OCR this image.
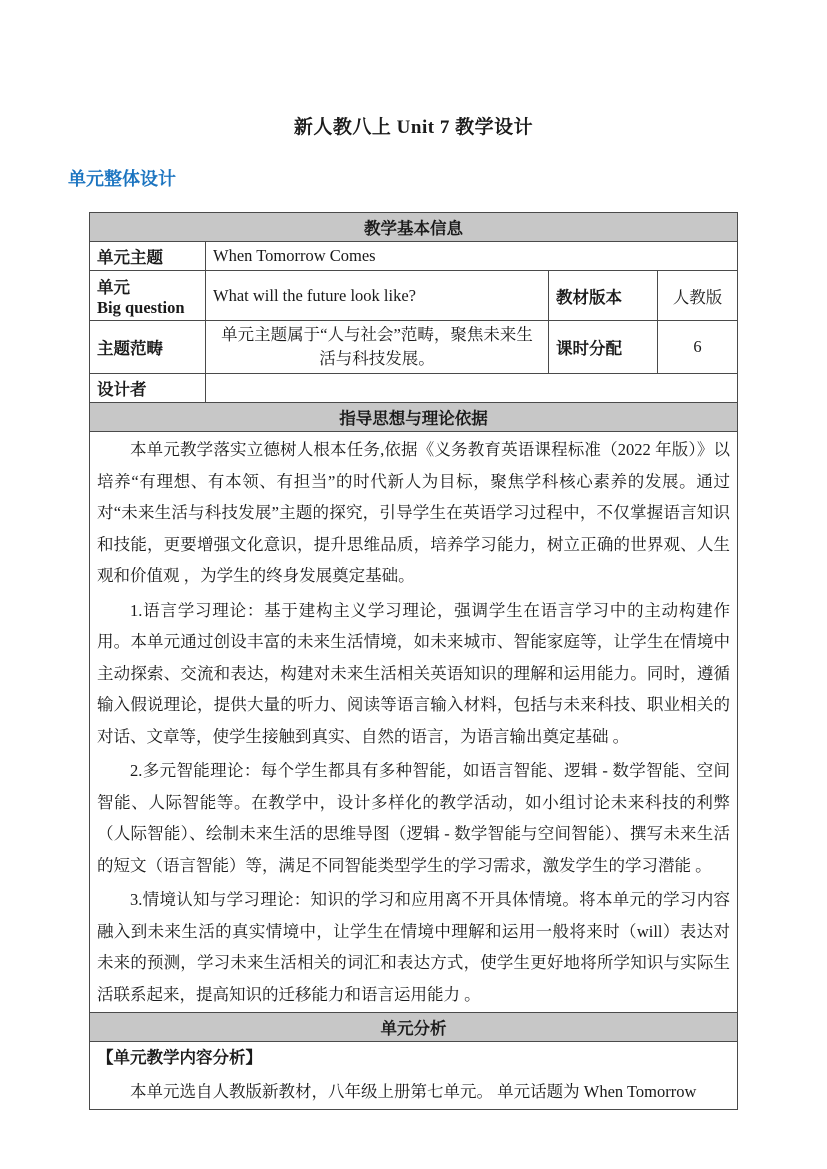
新人教八上 Unit 7 教学设计
单元整体设计
教学基本信息			
单元主题	When Tomorrow Comes		

单元
Big question	What will the future look like?	教材版本	人教版
主题范畴	单元主题属于“人与社会”范畴，聚焦未来生活与科技发展。	课时分配	6
设计者			
指导思想与理论依据			

本单元教学落实立德树人根本任务,依据《义务教育英语课程标准（2022 年版）》以培养“有理想、有本领、有担当”的时代新人为目标，聚焦学科核心素养的发展。通过对“未来生活与科技发展”主题的探究，引导学生在英语学习过程中，不仅掌握语言知识和技能，更要增强文化意识，提升思维品质，培养学习能力，树立正确的世界观、人生观和价值观 ，为学生的终身发展奠定基础。

1.语言学习理论：基于建构主义学习理论，强调学生在语言学习中的主动构建作用。本单元通过创设丰富的未来生活情境，如未来城市、智能家庭等，让学生在情境中主动探索、交流和表达，构建对未来生活相关英语知识的理解和运用能力。同时，遵循输入假说理论，提供大量的听力、阅读等语言输入材料，包括与未来科技、职业相关的对话、文章等，使学生接触到真实、自然的语言，为语言输出奠定基础 。

2.多元智能理论：每个学生都具有多种智能，如语言智能、逻辑 - 数学智能、空间智能、人际智能等。在教学中，设计多样化的教学活动，如小组讨论未来科技的利弊（人际智能）、绘制未来生活的思维导图（逻辑 - 数学智能与空间智能）、撰写未来生活的短文（语言智能）等，满足不同智能类型学生的学习需求，激发学生的学习潜能 。

3.情境认知与学习理论：知识的学习和应用离不开具体情境。将本单元的学习内容融入到未来生活的真实情境中，让学生在情境中理解和运用一般将来时（will）表达对未来的预测，学习未来生活相关的词汇和表达方式，使学生更好地将所学知识与实际生活联系起来，提高知识的迁移能力和语言运用能力 。			

单元分析			

【单元教学内容分析】
本单元选自人教版新教材，八年级上册第七单元。 单元话题为 When Tomorrow			
